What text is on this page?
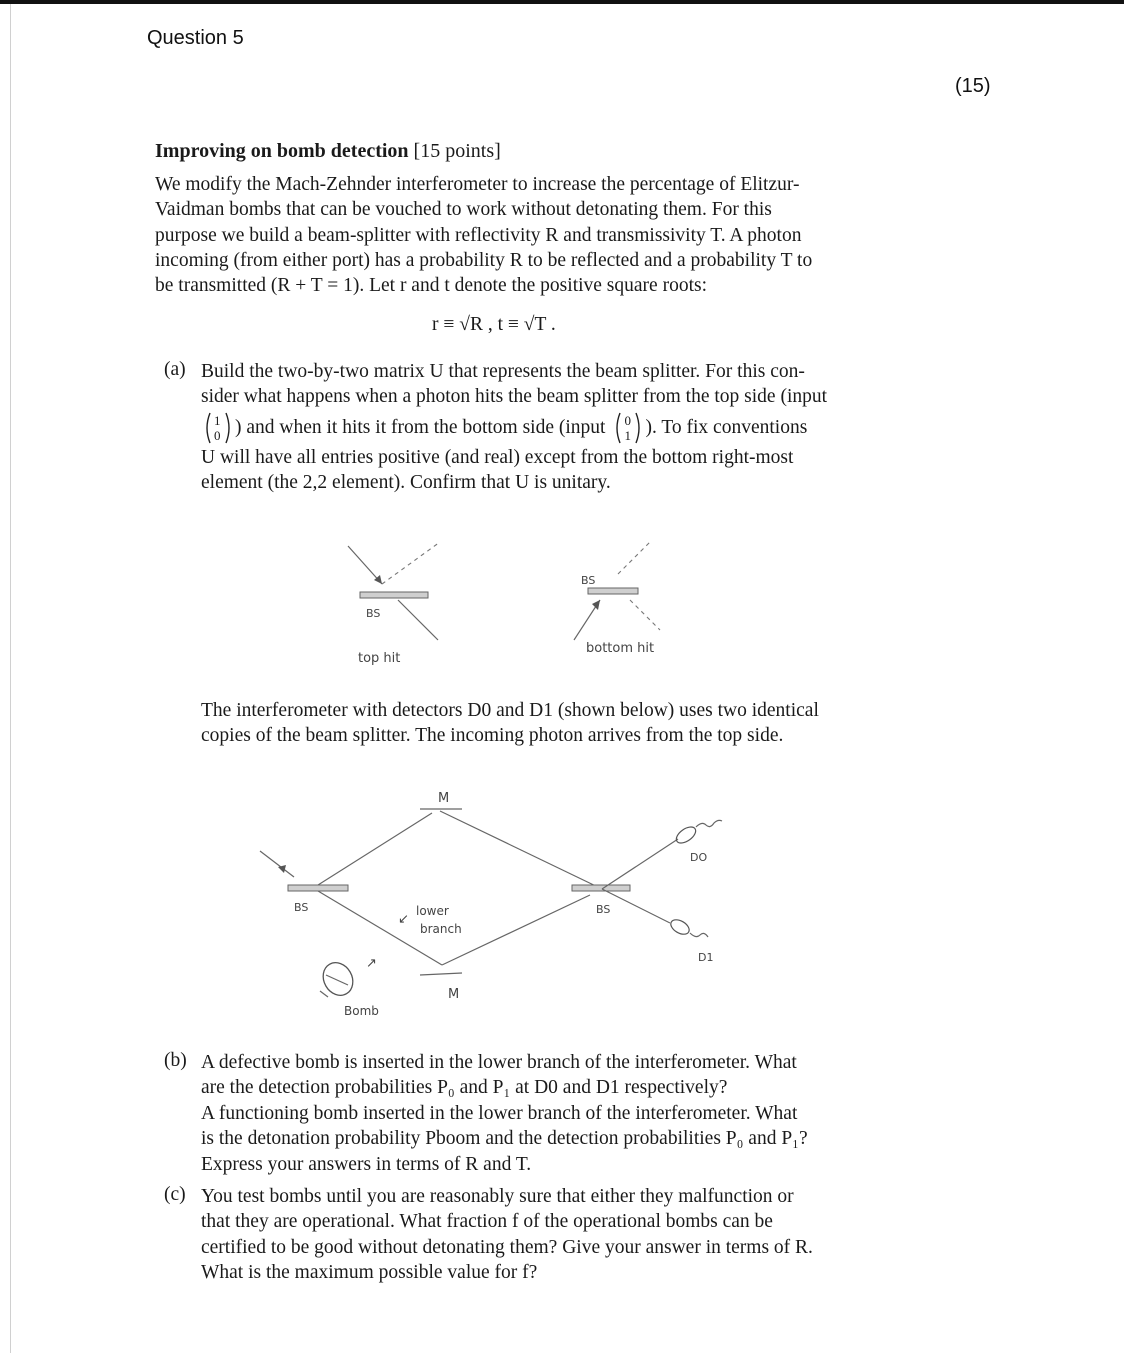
Question 5
(15)
Improving on bomb detection [15 points]
We modify the Mach-Zehnder interferometer to increase the percentage of Elitzur-
Vaidman bombs that can be vouched to work without detonating them. For this
purpose we build a beam-splitter with reflectivity R and transmissivity T. A photon
incoming (from either port) has a probability R to be reflected and a probability T to
be transmitted (R + T = 1). Let r and t denote the positive square roots:
r ≡ √R , t ≡ √T .
(a) Build the two-by-two matrix U that represents the beam splitter. For this con-
sider what happens when a photon hits the beam splitter from the top side (input
1
0 ) and when it hits it from the bottom side (input 0
1 ). To fix conventions
U will have all entries positive (and real) except from the bottom right-most
element (the 2,2 element). Confirm that U is unitary.
BS
top hit
BS
bottom hit
The interferometer with detectors D0 and D1 (shown below) uses two identical
copies of the beam splitter. The incoming photon arrives from the top side.
BS
M
M
↙
lower
branch
BS
DO
D1
↗
Bomb
(b) A defective bomb is inserted in the lower branch of the interferometer. What
are the detection probabilities P₀ and P₁ at D0 and D1 respectively?
A functioning bomb inserted in the lower branch of the interferometer. What
is the detonation probability Pboom and the detection probabilities P₀ and P₁?
Express your answers in terms of R and T.
(c) You test bombs until you are reasonably sure that either they malfunction or
that they are operational. What fraction f of the operational bombs can be
certified to be good without detonating them? Give your answer in terms of R.
What is the maximum possible value for f?
